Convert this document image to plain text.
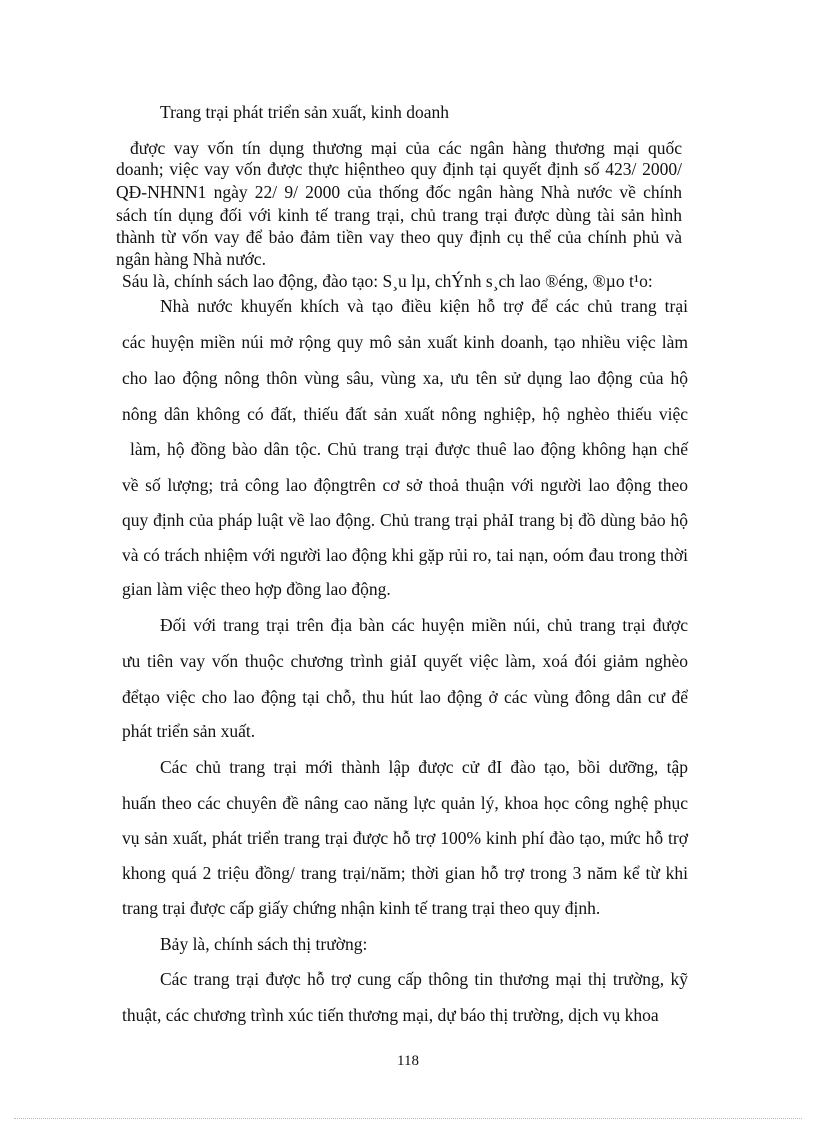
Trang trại phát triển sản xuất, kinh doanh

được vay vốn tín dụng thương mại của các ngân hàng thương mại quốc

doanh; việc vay vốn được thực hiệntheo quy định tại quyết định số 423/ 2000/

QĐ-NHNN1 ngày 22/ 9/ 2000 của thống đốc ngân hàng Nhà nước về chính

sách tín dụng đối với kinh tế trang trại, chủ trang trại được dùng tài sản hình

thành từ vốn vay để bảo đảm tiền vay theo quy định cụ thể của chính phủ và

ngân hàng Nhà nước.

Sáu là, chính sách lao động, đào tạo: S¸u lµ, chÝnh s¸ch lao ®éng, ®µo t¹o:

Nhà nước khuyến khích và tạo điều kiện hỗ trợ để các chủ trang trại

các huyện miền núi mở rộng quy mô sản xuất kinh doanh, tạo nhiều việc làm

cho lao động nông thôn vùng sâu, vùng xa, ưu tên sử dụng lao động của hộ

nông dân không có đất, thiếu đất sản xuất nông nghiệp, hộ nghèo thiếu việc

làm, hộ đồng bào dân tộc. Chủ trang trại được thuê lao động không hạn chế

về số lượng; trả công lao độngtrên cơ sở thoả thuận với người lao động theo

quy định của pháp luật về lao động. Chủ trang trại phảI trang bị đồ dùng bảo hộ

và có trách nhiệm với người lao động khi gặp rủi ro, tai nạn, oóm đau trong thời

gian làm việc theo hợp đồng lao động.

Đối với trang trại trên địa bàn các huyện miền núi, chủ trang trại được

ưu tiên vay vốn thuộc chương trình giảI quyết việc làm, xoá đói giảm nghèo

đểtạo việc cho lao động tại chỗ, thu hút lao động ở các vùng đông dân cư để

phát triển sản xuất.

Các chủ trang trại mới thành lập được cử đI đào tạo, bồi dưỡng, tập

huấn theo các chuyên đề nâng cao năng lực quản lý, khoa học công nghệ phục

vụ sản xuất, phát triển trang trại được hỗ trợ 100% kinh phí đào tạo, mức hỗ trợ

khong quá 2 triệu đồng/ trang trại/năm; thời gian hỗ trợ trong 3 năm kể từ khi

trang trại được cấp giấy chứng nhận kinh tế trang trại theo quy định.

Bảy là, chính sách thị trường:

Các trang trại được hỗ trợ cung cấp thông tin thương mại thị trường, kỹ

thuật, các chương trình xúc tiến thương mại, dự báo thị trường, dịch vụ khoa

118
